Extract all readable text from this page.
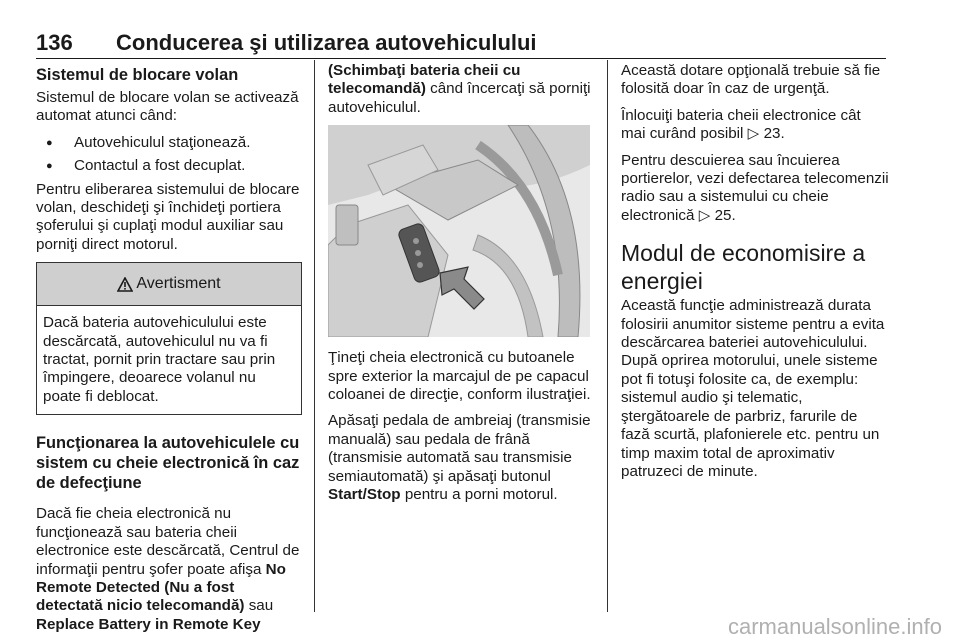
136 Conducerea şi utilizarea autovehiculului
Sistemul de blocare volan

Sistemul de blocare volan se activează automat atunci când:

● Autovehiculul staţionează.
● Contactul a fost decuplat.

Pentru eliberarea sistemului de blocare volan, deschideţi şi închideţi portiera şoferului şi cuplaţi modul auxiliar sau porniţi direct motorul.

Avertisment
Dacă bateria autovehiculului este descărcată, autovehiculul nu va fi tractat, pornit prin tractare sau prin împingere, deoarece volanul nu poate fi deblocat.
Funcţionarea la autovehiculele cu sistem cu cheie electronică în caz de defecţiune

Dacă fie cheia electronică nu funcţionează sau bateria cheii electronice este descărcată, Centrul de informaţii pentru şofer poate afişa No Remote Detected (Nu a fost detectată nicio telecomandă) sau Replace Battery in Remote Key

(Schimbaţi bateria cheii cu telecomandă) când încercaţi să porniţi autovehiculul.

Ţineţi cheia electronică cu butoanele spre exterior la marcajul de pe capacul coloanei de direcţie, conform ilustraţiei.

Apăsaţi pedala de ambreiaj (transmisie manuală) sau pedala de frână (transmisie automată sau transmisie semiautomată) şi apăsaţi butonul Start/Stop pentru a porni motorul.

Această dotare opţională trebuie să fie folosită doar în caz de urgenţă.

Înlocuiţi bateria cheii electronice cât mai curând posibil ▷ 23.

Pentru descuierea sau încuierea portierelor, vezi defectarea telecomenzii radio sau a sistemului cu cheie electronică ▷ 25.

Modul de economisire a energiei

Această funcţie administrează durata folosirii anumitor sisteme pentru a evita descărcarea bateriei autovehiculului. După oprirea motorului, unele sisteme pot fi totuşi folosite ca, de exemplu: sistemul audio şi telematic, ştergătoarele de parbriz, farurile de fază scurtă, plafonierele etc. pentru un timp maxim total de aproximativ patruzeci de minute.

carmanualsonline.info
